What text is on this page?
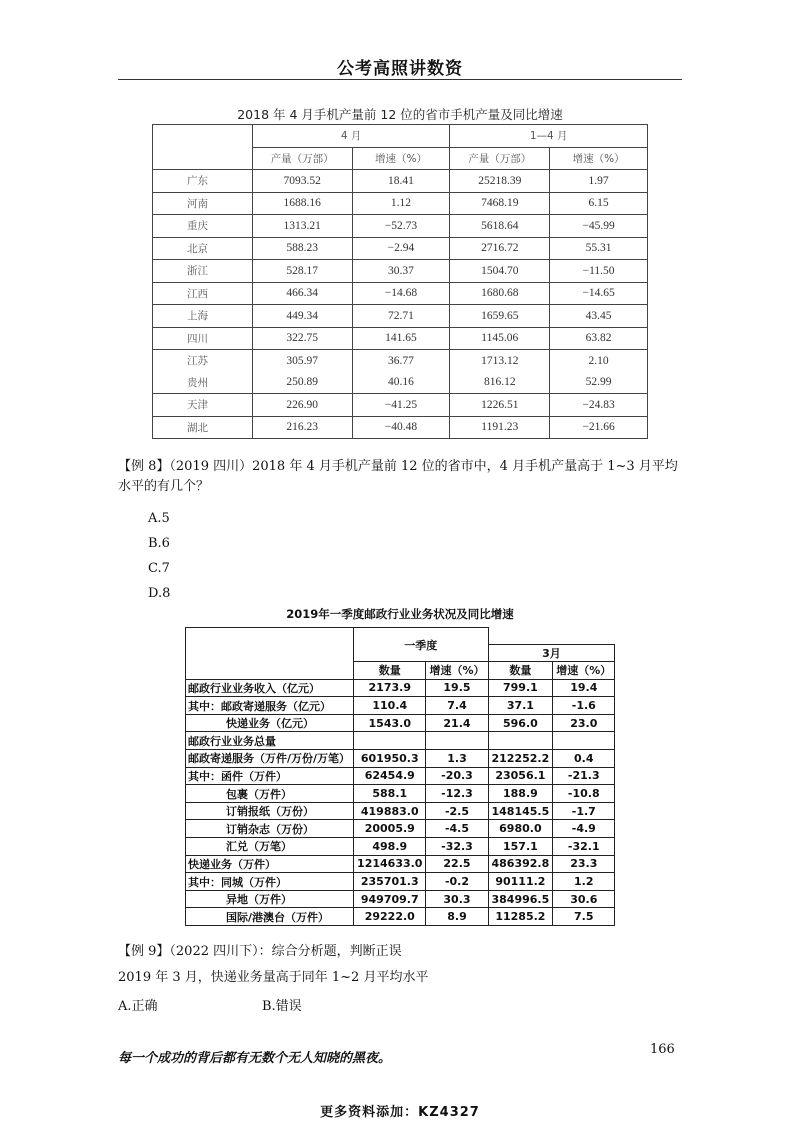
公考高照讲数资
2018 年 4 月手机产量前 12 位的省市手机产量及同比增速
	4 月		1—4 月	
	产量（万部）	增速（%）	产量（万部）	增速（%）
广东	7093.52	18.41	25218.39	1.97
河南	1688.16	1.12	7468.19	6.15
重庆	1313.21	−52.73	5618.64	−45.99
北京	588.23	−2.94	2716.72	55.31
浙江	528.17	30.37	1504.70	−11.50
江西	466.34	−14.68	1680.68	−14.65
上海	449.34	72.71	1659.65	43.45
四川	322.75	141.65	1145.06	63.82
江苏	305.97	36.77	1713.12	2.10
贵州	250.89	40.16	816.12	52.99
天津	226.90	−41.25	1226.51	−24.83
湖北	216.23	−40.48	1191.23	−21.66
【例 8】（2019 四川）2018 年 4 月手机产量前 12 位的省市中，4 月手机产量高于 1~3 月平均水平的有几个？
A.5
B.6
C.7
D.8
2019年一季度邮政行业业务状况及同比增速
	一季度			
			3月	
	数量	增速（%）	数量	增速（%）
邮政行业业务收入（亿元）	2173.9	19.5	799.1	19.4
其中：邮政寄递服务（亿元）	110.4	7.4	37.1	-1.6
快递业务（亿元）	1543.0	21.4	596.0	23.0
邮政行业业务总量				
邮政寄递服务（万件/万份/万笔）	601950.3	1.3	212252.2	0.4
其中：函件（万件）	62454.9	-20.3	23056.1	-21.3
包裹（万件）	588.1	-12.3	188.9	-10.8
订销报纸（万份）	419883.0	-2.5	148145.5	-1.7
订销杂志（万份）	20005.9	-4.5	6980.0	-4.9
汇兑（万笔）	498.9	-32.3	157.1	-32.1
快递业务（万件）	1214633.0	22.5	486392.8	23.3
其中：同城（万件）	235701.3	-0.2	90111.2	1.2
异地（万件）	949709.7	30.3	384996.5	30.6
国际/港澳台（万件）	29222.0	8.9	11285.2	7.5
【例 9】（2022 四川下）：综合分析题，判断正误
2019 年 3 月，快递业务量高于同年 1~2 月平均水平
A.正确	B.错误
每一个成功的背后都有无数个无人知晓的黑夜。
166
更多资料添加：KZ4327
